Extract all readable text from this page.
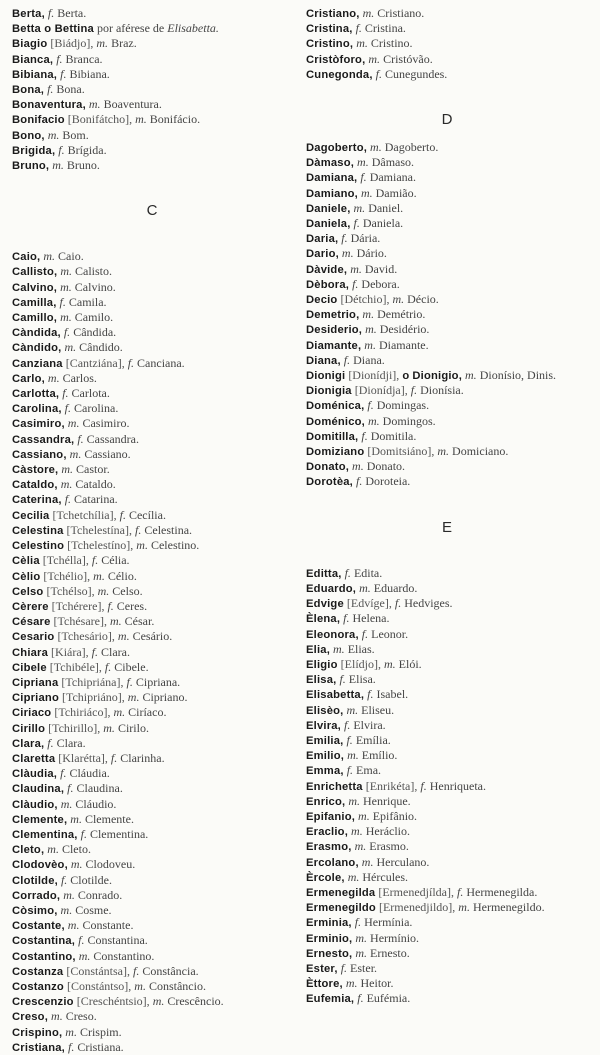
Berta, f. Berta.
Betta o Bettina por aférese de Elisabetta.
Biagio [Biádjo], m. Braz.
Bianca, f. Branca.
Bibiana, f. Bibiana.
Bona, f. Bona.
Bonaventura, m. Boaventura.
Bonifacio [Bonifátcho], m. Bonifácio.
Bono, m. Bom.
Brigida, f. Brígida.
Bruno, m. Bruno.
C
Caio, m. Caio.
Callisto, m. Calisto.
Calvino, m. Calvino.
Camilla, f. Camila.
Camillo, m. Camilo.
Càndida, f. Cândida.
Càndido, m. Cândido.
Canziana [Cantziána], f. Canciana.
Carlo, m. Carlos.
Carlotta, f. Carlota.
Carolina, f. Carolina.
Casimiro, m. Casimiro.
Cassandra, f. Cassandra.
Cassiano, m. Cassiano.
Càstore, m. Castor.
Cataldo, m. Cataldo.
Caterina, f. Catarina.
Cecilia [Tchetchília], f. Cecília.
Celestina [Tchelestína], f. Celestina.
Celestino [Tchelestíno], m. Celestino.
Cèlia [Tchélla], f. Célia.
Cèlio [Tchélio], m. Célio.
Celso [Tchélso], m. Celso.
Cèrere [Tchérere], f. Ceres.
Césare [Tchésare], m. César.
Cesario [Tchesário], m. Cesário.
Chiara [Kiára], f. Clara.
Cibele [Tchibéle], f. Cibele.
Cipriana [Tchipriána], f. Cipriana.
Cipriano [Tchipriáno], m. Cipriano.
Ciriaco [Tchiriáco], m. Ciríaco.
Cirillo [Tchirillo], m. Cirilo.
Clara, f. Clara.
Claretta [Klarétta], f. Clarinha.
Clàudia, f. Cláudia.
Claudina, f. Claudina.
Clàudio, m. Cláudio.
Clemente, m. Clemente.
Clementina, f. Clementina.
Cleto, m. Cleto.
Clodovèo, m. Clodoveu.
Clotilde, f. Clotilde.
Corrado, m. Conrado.
Còsimo, m. Cosme.
Costante, m. Constante.
Costantina, f. Constantina.
Costantino, m. Constantino.
Costanza [Constántsa], f. Constância.
Costanzo [Constántso], m. Constâncio.
Crescenzio [Creschéntsio], m. Crescêncio.
Creso, m. Creso.
Crispino, m. Crispim.
Cristiana, f. Cristiana.
Cristiano, m. Cristiano.
Cristina, f. Cristina.
Cristino, m. Cristino.
Cristòforo, m. Cristóvão.
Cunegonda, f. Cunegundes.
D
Dagoberto, m. Dagoberto.
Dàmaso, m. Dâmaso.
Damiana, f. Damiana.
Damiano, m. Damião.
Daniele, m. Daniel.
Daniela, f. Daniela.
Daria, f. Dária.
Dario, m. Dário.
Dàvide, m. David.
Dèbora, f. Debora.
Decio [Détchio], m. Décio.
Demetrio, m. Demétrio.
Desiderio, m. Desidério.
Diamante, m. Diamante.
Diana, f. Diana.
Dionigi [Dionídji], o Dionigio, m. Dionísio, Dinis.
Dionigia [Dionídja], f. Dionísia.
Doménica, f. Domingas.
Doménico, m. Domingos.
Domitilla, f. Domitila.
Domiziano [Domitsiáno], m. Domiciano.
Donato, m. Donato.
Dorotèa, f. Doroteia.
E
Editta, f. Edita.
Eduardo, m. Eduardo.
Edvige [Edvíge], f. Hedviges.
Èlena, f. Helena.
Eleonora, f. Leonor.
Elia, m. Elias.
Eligio [Elídjo], m. Elói.
Elisa, f. Elisa.
Elisabetta, f. Isabel.
Elisèo, m. Eliseu.
Elvira, f. Elvira.
Emilia, f. Emília.
Emilio, m. Emílio.
Emma, f. Ema.
Enrichetta [Enrikéta], f. Henriqueta.
Enrico, m. Henrique.
Epifanio, m. Epifânio.
Eraclio, m. Heráclio.
Erasmo, m. Erasmo.
Ercolano, m. Herculano.
Èrcole, m. Hércules.
Ermenegilda [Ermenedjílda], f. Hermenegilda.
Ermenegildo [Ermenedjildo], m. Hermenegildo.
Erminia, f. Hermínia.
Erminio, m. Hermínio.
Ernesto, m. Ernesto.
Ester, f. Ester.
Èttore, m. Heitor.
Eufemia, f. Eufémia.
